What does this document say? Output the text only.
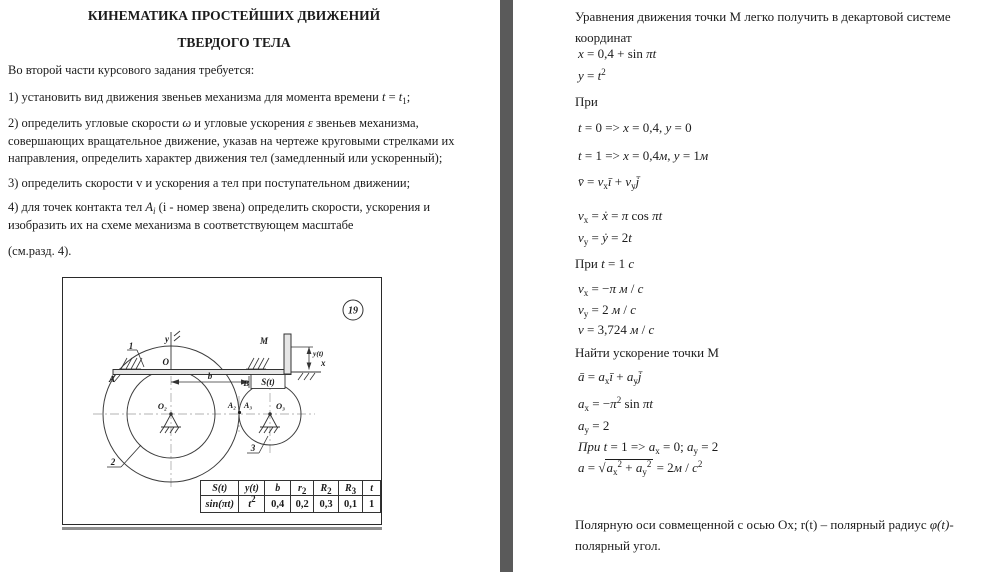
КИНЕМАТИКА ПРОСТЕЙШИХ ДВИЖЕНИЙ
ТВЕРДОГО ТЕЛА

Во второй части курсового задания требуется:

1) установить вид движения звеньев механизма для момента времени $t = t_1$;

2) определить угловые скорости ω и угловые ускорения ε звеньев механизма, совершающих вращательное движение, указав на чертеже круговыми стрелками их направления, определить характер движения тел (замедленный или ускоренный);

3) определить скорости v и ускорения а тел при поступательном движении;

4) для точек контакта тел $A_i$ (i - номер звена) определить скорости, ускорения и изобразить их на схеме механизма в соответствующем масштабе

(см.разд. 4).

19
y
O	x
A	B S(t)
M
y(t)
b
1
2
3
O₂	O₃
A₂ A₃
S(t)	y(t)	b	$r_2$	$R_2$	$R_3$	t
sin(πt)	$t^2$	0,4	0,2	0,3	0,1	1
Уравнения движения точки М легко получить в декартовой системе координат
x = 0,4 + sin πt
$y = t^2$
При
t = 0 => x = 0,4, y = 0
t = 1 => x = 0,4м, y = 1м
v̄ = $v_xī$ + $v_yj̄$
$v_x$ = ẋ = π cos πt
$v_y$ = ẏ = 2t
При t = 1 c
$v_x = -\pi$ м / c
$v_y = 2$ м / c
v = 3,724 м / c
Найти ускорение точки М
ā = $a_xī$ + $a_yj̄$
$a_x = -\pi^2$ sin πt
$a_y = 2$
При $t = 1 => a_x = 0$; $a_y = 2$
$a = √a_x^2 + a_y^2 = 2м / c^2$
Полярную оси совмещенной с осью Ox; r(t) – полярный радиус φ(t)- полярный угол.
